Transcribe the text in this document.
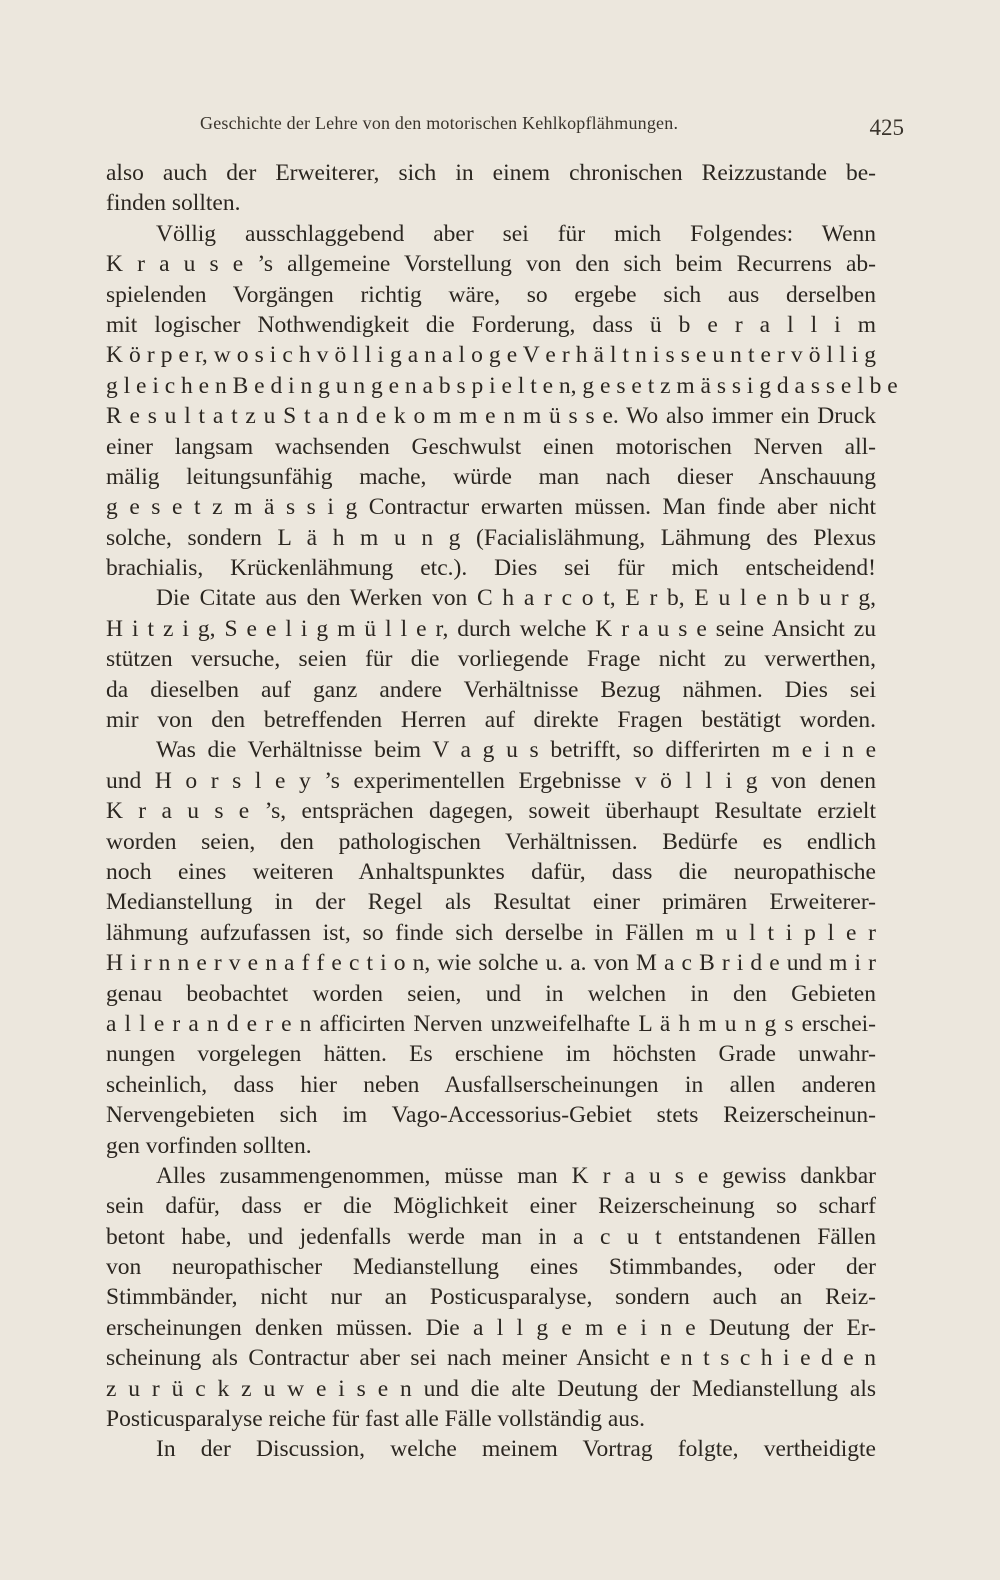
Geschichte der Lehre von den motorischen Kehlkopflähmungen.	425
also auch der Erweiterer, sich in einem chronischen Reizzustande be-
finden sollten.
Völlig ausschlaggebend aber sei für mich Folgendes: Wenn
K r a u s e ’s allgemeine Vorstellung von den sich beim Recurrens ab-
spielenden Vorgängen richtig wäre, so ergebe sich aus derselben
mit logischer Nothwendigkeit die Forderung, dass ü b e r a l l i m
K ö r p e r, w o s i c h v ö l l i g a n a l o g e V e r h ä l t n i s s e u n t e r v ö l l i g
g l e i c h e n B e d i n g u n g e n a b s p i e l t e n, g e s e t z m ä s s i g d a s s e l b e
R e s u l t a t z u S t a n d e k o m m e n m ü s s e. Wo also immer ein Druck
einer langsam wachsenden Geschwulst einen motorischen Nerven all-
mälig leitungsunfähig mache, würde man nach dieser Anschauung
g e s e t z m ä s s i g Contractur erwarten müssen. Man finde aber nicht
solche, sondern L ä h m u n g (Facialislähmung, Lähmung des Plexus
brachialis, Krückenlähmung etc.). Dies sei für mich entscheidend!
Die Citate aus den Werken von C h a r c o t, E r b, E u l e n b u r g,
H i t z i g, S e e l i g m ü l l e r, durch welche K r a u s e seine Ansicht zu
stützen versuche, seien für die vorliegende Frage nicht zu verwerthen,
da dieselben auf ganz andere Verhältnisse Bezug nähmen. Dies sei
mir von den betreffenden Herren auf direkte Fragen bestätigt worden.
Was die Verhältnisse beim V a g u s betrifft, so differirten m e i n e
und H o r s l e y ’s experimentellen Ergebnisse v ö l l i g von denen
K r a u s e ’s, entsprächen dagegen, soweit überhaupt Resultate erzielt
worden seien, den pathologischen Verhältnissen. Bedürfe es endlich
noch eines weiteren Anhaltspunktes dafür, dass die neuropathische
Medianstellung in der Regel als Resultat einer primären Erweiterer-
lähmung aufzufassen ist, so finde sich derselbe in Fällen m u l t i p l e r
H i r n n e r v e n a f f e c t i o n, wie solche u. a. von M a c B r i d e und m i r
genau beobachtet worden seien, und in welchen in den Gebieten
a l l e r a n d e r e n afficirten Nerven unzweifelhafte L ä h m u n g s erschei-
nungen vorgelegen hätten. Es erschiene im höchsten Grade unwahr-
scheinlich, dass hier neben Ausfallserscheinungen in allen anderen
Nervengebieten sich im Vago-Accessorius-Gebiet stets Reizerscheinun-
gen vorfinden sollten.
Alles zusammengenommen, müsse man K r a u s e gewiss dankbar
sein dafür, dass er die Möglichkeit einer Reizerscheinung so scharf
betont habe, und jedenfalls werde man in a c u t entstandenen Fällen
von neuropathischer Medianstellung eines Stimmbandes, oder der
Stimmbänder, nicht nur an Posticusparalyse, sondern auch an Reiz-
erscheinungen denken müssen. Die a l l g e m e i n e Deutung der Er-
scheinung als Contractur aber sei nach meiner Ansicht e n t s c h i e d e n
z u r ü c k z u w e i s e n und die alte Deutung der Medianstellung als
Posticusparalyse reiche für fast alle Fälle vollständig aus.
In der Discussion, welche meinem Vortrag folgte, vertheidigte
